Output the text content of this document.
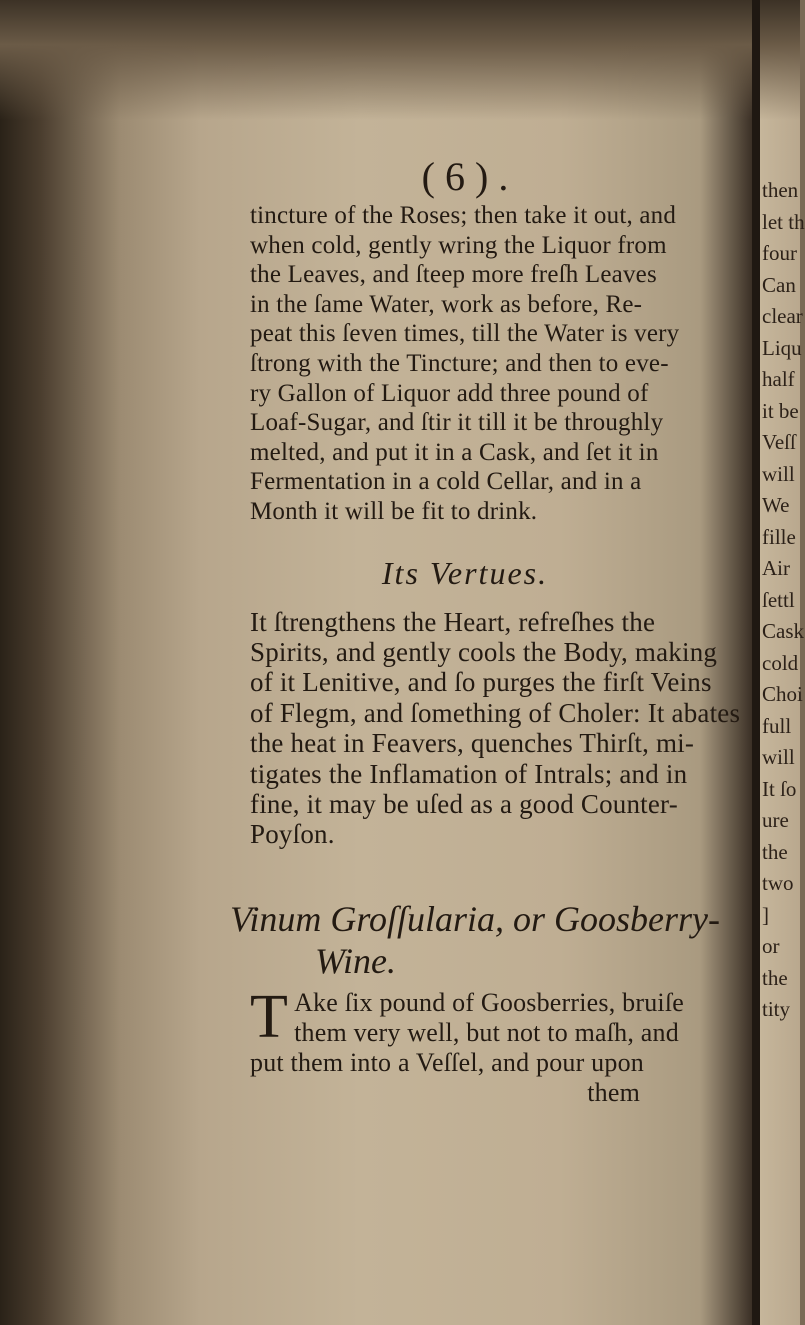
( 6 ) .

tincture of the Roses; then take it out, and
when cold, gently wring the Liquor from
the Leaves, and ſteep more freſh Leaves
in the ſame Water, work as before, Re-
peat this ſeven times, till the Water is very
ſtrong with the Tincture; and then to eve-
ry Gallon of Liquor add three pound of
Loaf-Sugar, and ſtir it till it be throughly
melted, and put it in a Cask, and ſet it in
Fermentation in a cold Cellar, and in a
Month it will be fit to drink.

Its Vertues.

It ſtrengthens the Heart, refreſhes the
Spirits, and gently cools the Body, making
of it Lenitive, and ſo purges the firſt Veins
of Flegm, and ſomething of Choler: It abates
the heat in Feavers, quenches Thirſt, mi-
tigates the Inflamation of Intrals; and in
fine, it may be uſed as a good Counter-
Poyſon.

Vinum Groſſularia, or Goosberry-
Wine.

T Ake ſix pound of Goosberries, bruiſe
them very well, but not to maſh, and
put them into a Veſſel, and pour upon
them

then
let th
four
Can
clear
Liqu
half
it be
Veſſ
will
We
fille
Air
ſettl
Cask
cold
Choi
full
will
It ſo
ure
the
two
]
or
the
tity
